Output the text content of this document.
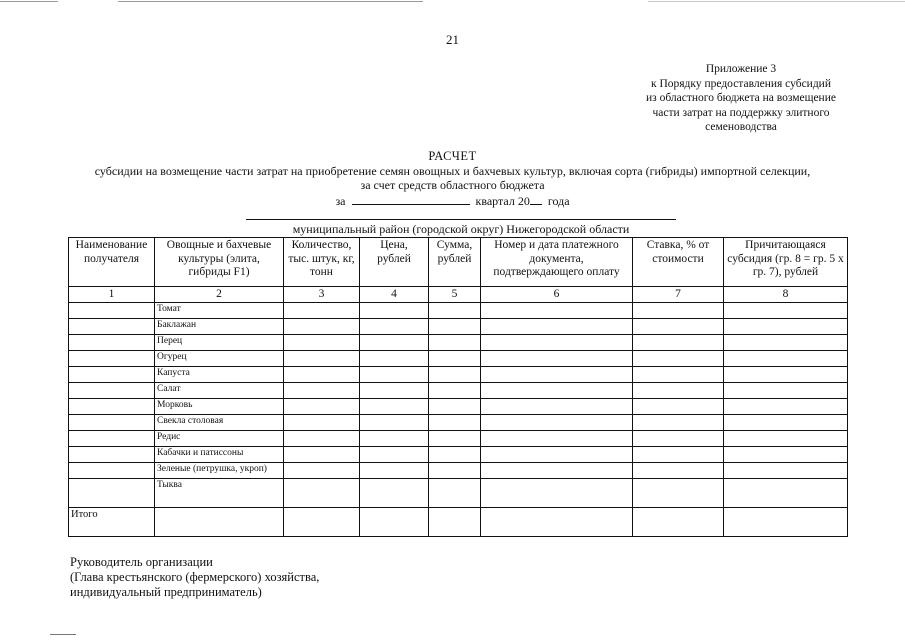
21
Приложение 3
к Порядку предоставления субсидий
из областного бюджета на возмещение
части затрат на поддержку элитного
семеноводства
РАСЧЕТ
субсидии на возмещение части затрат на приобретение семян овощных и бахчевых культур, включая сорта (гибриды) импортной селекции,
за счет средств областного бюджета
за	квартал 20 года
муниципальный район (городской округ) Нижегородской области
Наименование получателя	Овощные и бахчевые культуры (элита, гибриды F1)	Количество, тыс. штук, кг, тонн	Цена, рублей	Сумма, рублей	Номер и дата платежного документа, подтверждающего оплату	Ставка, % от стоимости	Причитающаяся субсидия (гр. 8 = гр. 5 x гр. 7), рублей
1	2	3	4	5	6	7	8
	Томат						
	Баклажан						
	Перец						
	Огурец						
	Капуста						
	Салат						
	Морковь						
	Свекла столовая						
	Редис						
	Кабачки и патиссоны						
	Зеленые (петрушка, укроп)						
	Тыква						
Итого							
Руководитель организации
(Глава крестьянского (фермерского) хозяйства,
индивидуальный предприниматель)
